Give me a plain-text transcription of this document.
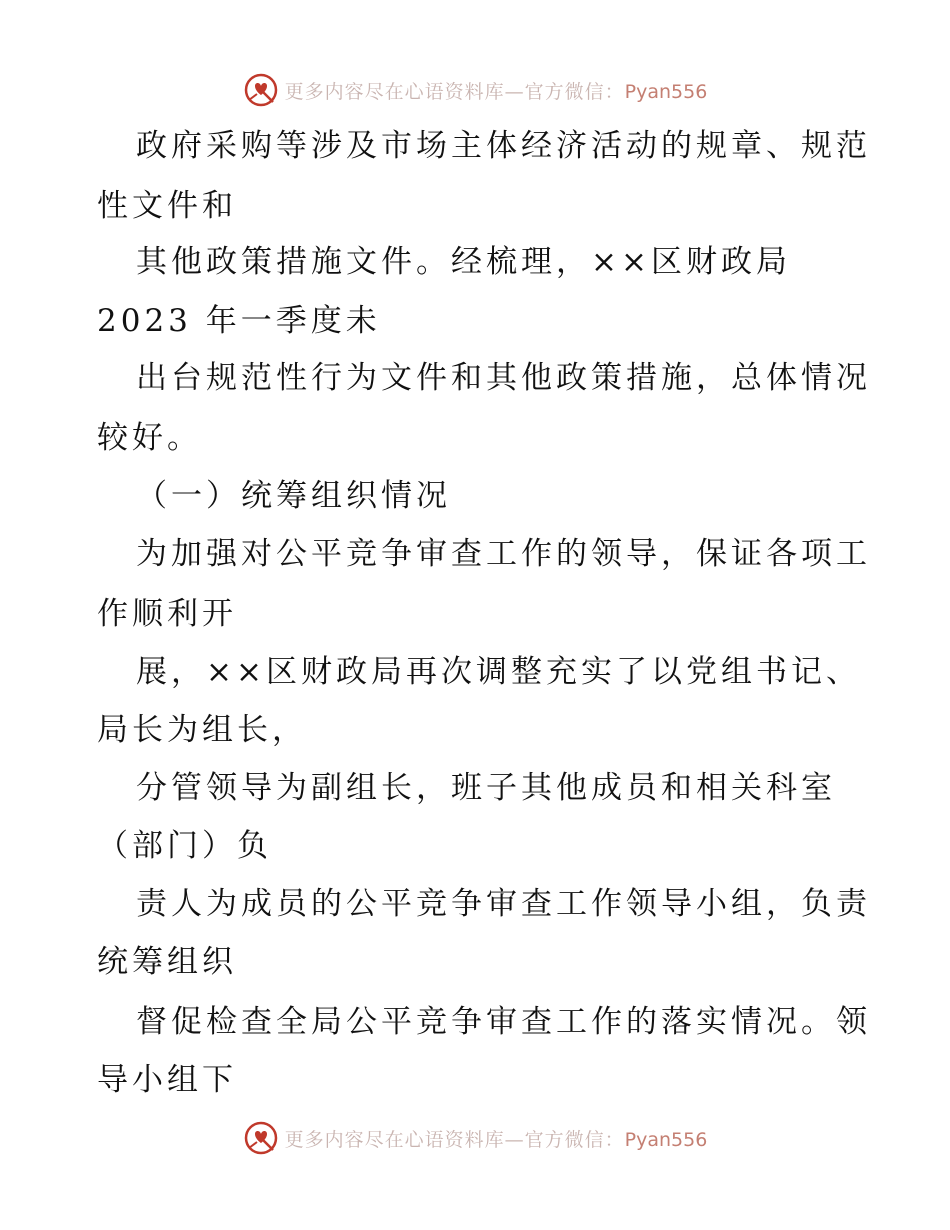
更多内容尽在心语资料库—官方微信：Pyan556
政府采购等涉及市场主体经济活动的规章、规范
性文件和
其他政策措施文件。经梳理，××区财政局
2023 年一季度未
出台规范性行为文件和其他政策措施，总体情况
较好。
（一）统筹组织情况
为加强对公平竞争审查工作的领导，保证各项工
作顺利开
展，××区财政局再次调整充实了以党组书记、
局长为组长，
分管领导为副组长，班子其他成员和相关科室
（部门）负
责人为成员的公平竞争审查工作领导小组，负责
统筹组织
督促检查全局公平竞争审查工作的落实情况。领
导小组下
更多内容尽在心语资料库—官方微信：Pyan556
